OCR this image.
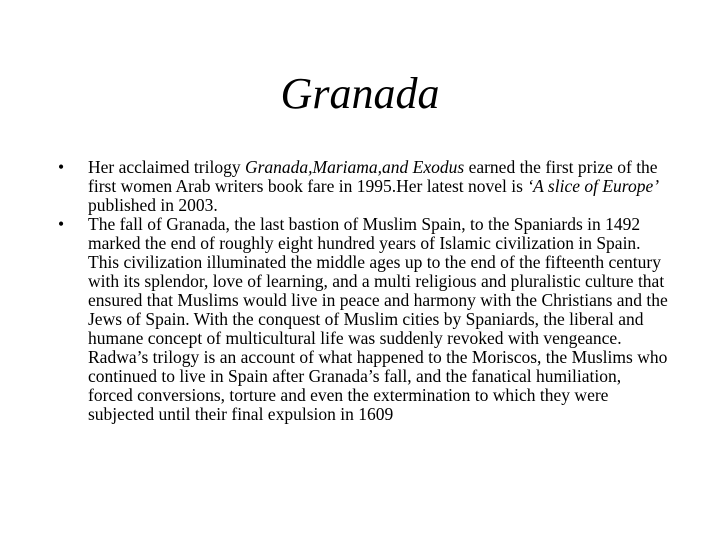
Granada
• Her acclaimed trilogy Granada,Mariama,and Exodus earned the first prize of the first women Arab writers book fare in 1995.Her latest novel is ‘A slice of Europe’ published in 2003.
• The fall of Granada, the last bastion of Muslim Spain, to the Spaniards in 1492 marked the end of roughly eight hundred years of Islamic civilization in Spain. This civilization illuminated the middle ages up to the end of the fifteenth century with its splendor, love of learning, and a multi religious and pluralistic culture that ensured that Muslims would live in peace and harmony with the Christians and the Jews of Spain. With the conquest of Muslim cities by Spaniards, the liberal and humane concept of multicultural life was suddenly revoked with vengeance. Radwa’s trilogy is an account of what happened to the Moriscos, the Muslims who continued to live in Spain after Granada’s fall, and the fanatical humiliation, forced conversions, torture and even the extermination to which they were subjected until their final expulsion in 1609
